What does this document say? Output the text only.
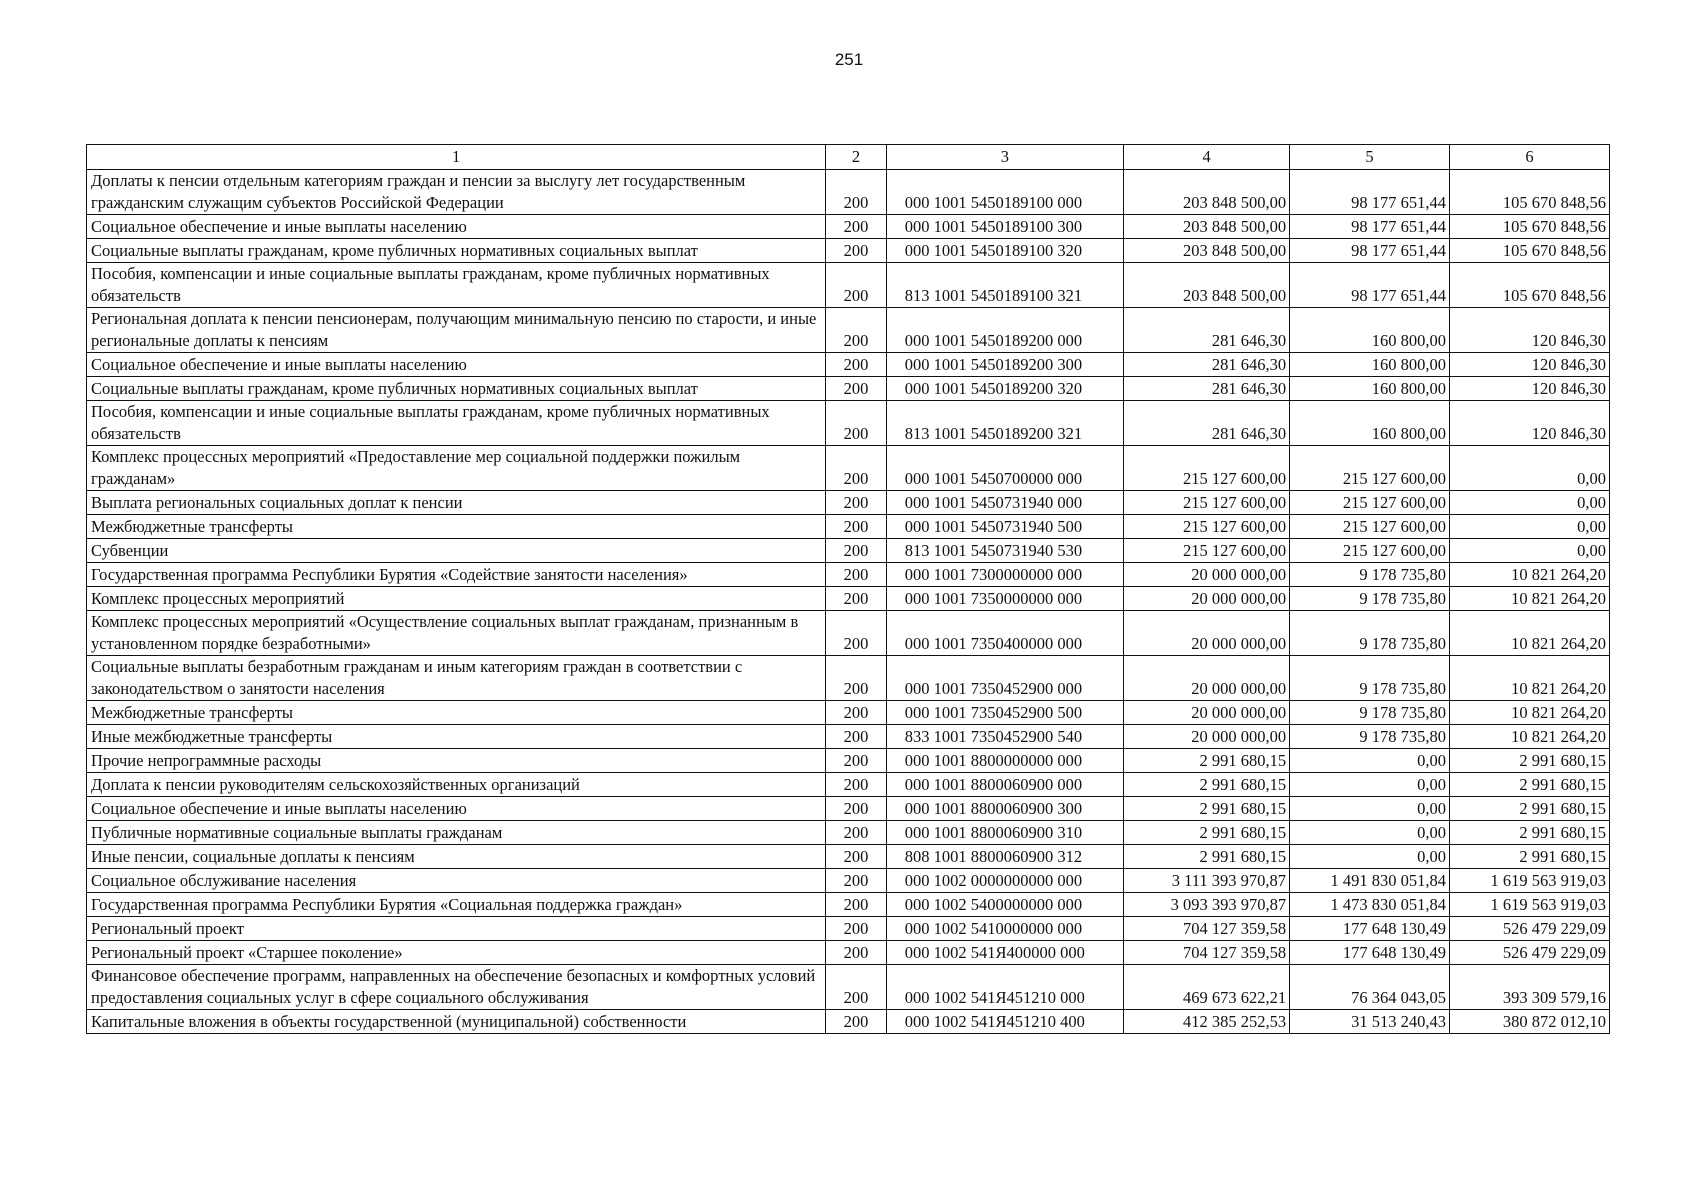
251
1	2	3	4	5	6
Доплаты к пенсии отдельным категориям граждан и пенсии за выслугу лет государственным гражданским служащим субъектов Российской Федерации	200	000 1001 5450189100 000	203 848 500,00	98 177 651,44	105 670 848,56
Социальное обеспечение и иные выплаты населению	200	000 1001 5450189100 300	203 848 500,00	98 177 651,44	105 670 848,56
Социальные выплаты гражданам, кроме публичных нормативных социальных выплат	200	000 1001 5450189100 320	203 848 500,00	98 177 651,44	105 670 848,56
Пособия, компенсации и иные социальные выплаты гражданам, кроме публичных нормативных обязательств	200	813 1001 5450189100 321	203 848 500,00	98 177 651,44	105 670 848,56
Региональная доплата к пенсии пенсионерам, получающим минимальную пенсию по старости, и иные региональные доплаты к пенсиям	200	000 1001 5450189200 000	281 646,30	160 800,00	120 846,30
Социальное обеспечение и иные выплаты населению	200	000 1001 5450189200 300	281 646,30	160 800,00	120 846,30
Социальные выплаты гражданам, кроме публичных нормативных социальных выплат	200	000 1001 5450189200 320	281 646,30	160 800,00	120 846,30
Пособия, компенсации и иные социальные выплаты гражданам, кроме публичных нормативных обязательств	200	813 1001 5450189200 321	281 646,30	160 800,00	120 846,30
Комплекс процессных мероприятий «Предоставление мер социальной поддержки пожилым гражданам»	200	000 1001 5450700000 000	215 127 600,00	215 127 600,00	0,00
Выплата региональных социальных доплат к пенсии	200	000 1001 5450731940 000	215 127 600,00	215 127 600,00	0,00
Межбюджетные трансферты	200	000 1001 5450731940 500	215 127 600,00	215 127 600,00	0,00
Субвенции	200	813 1001 5450731940 530	215 127 600,00	215 127 600,00	0,00
Государственная программа Республики Бурятия «Содействие занятости населения»	200	000 1001 7300000000 000	20 000 000,00	9 178 735,80	10 821 264,20
Комплекс процессных мероприятий	200	000 1001 7350000000 000	20 000 000,00	9 178 735,80	10 821 264,20
Комплекс процессных мероприятий «Осуществление социальных выплат гражданам, признанным в установленном порядке безработными»	200	000 1001 7350400000 000	20 000 000,00	9 178 735,80	10 821 264,20
Социальные выплаты безработным гражданам и иным категориям граждан в соответствии с законодательством о занятости населения	200	000 1001 7350452900 000	20 000 000,00	9 178 735,80	10 821 264,20
Межбюджетные трансферты	200	000 1001 7350452900 500	20 000 000,00	9 178 735,80	10 821 264,20
Иные межбюджетные трансферты	200	833 1001 7350452900 540	20 000 000,00	9 178 735,80	10 821 264,20
Прочие непрограммные расходы	200	000 1001 8800000000 000	2 991 680,15	0,00	2 991 680,15
Доплата к пенсии руководителям сельскохозяйственных организаций	200	000 1001 8800060900 000	2 991 680,15	0,00	2 991 680,15
Социальное обеспечение и иные выплаты населению	200	000 1001 8800060900 300	2 991 680,15	0,00	2 991 680,15
Публичные нормативные социальные выплаты гражданам	200	000 1001 8800060900 310	2 991 680,15	0,00	2 991 680,15
Иные пенсии, социальные доплаты к пенсиям	200	808 1001 8800060900 312	2 991 680,15	0,00	2 991 680,15
Социальное обслуживание населения	200	000 1002 0000000000 000	3 111 393 970,87	1 491 830 051,84	1 619 563 919,03
Государственная программа Республики Бурятия «Социальная поддержка граждан»	200	000 1002 5400000000 000	3 093 393 970,87	1 473 830 051,84	1 619 563 919,03
Региональный проект	200	000 1002 5410000000 000	704 127 359,58	177 648 130,49	526 479 229,09
Региональный проект «Старшее поколение»	200	000 1002 541Я400000 000	704 127 359,58	177 648 130,49	526 479 229,09
Финансовое обеспечение программ, направленных на обеспечение безопасных и комфортных условий предоставления социальных услуг в сфере социального обслуживания	200	000 1002 541Я451210 000	469 673 622,21	76 364 043,05	393 309 579,16
Капитальные вложения в объекты государственной (муниципальной) собственности	200	000 1002 541Я451210 400	412 385 252,53	31 513 240,43	380 872 012,10
